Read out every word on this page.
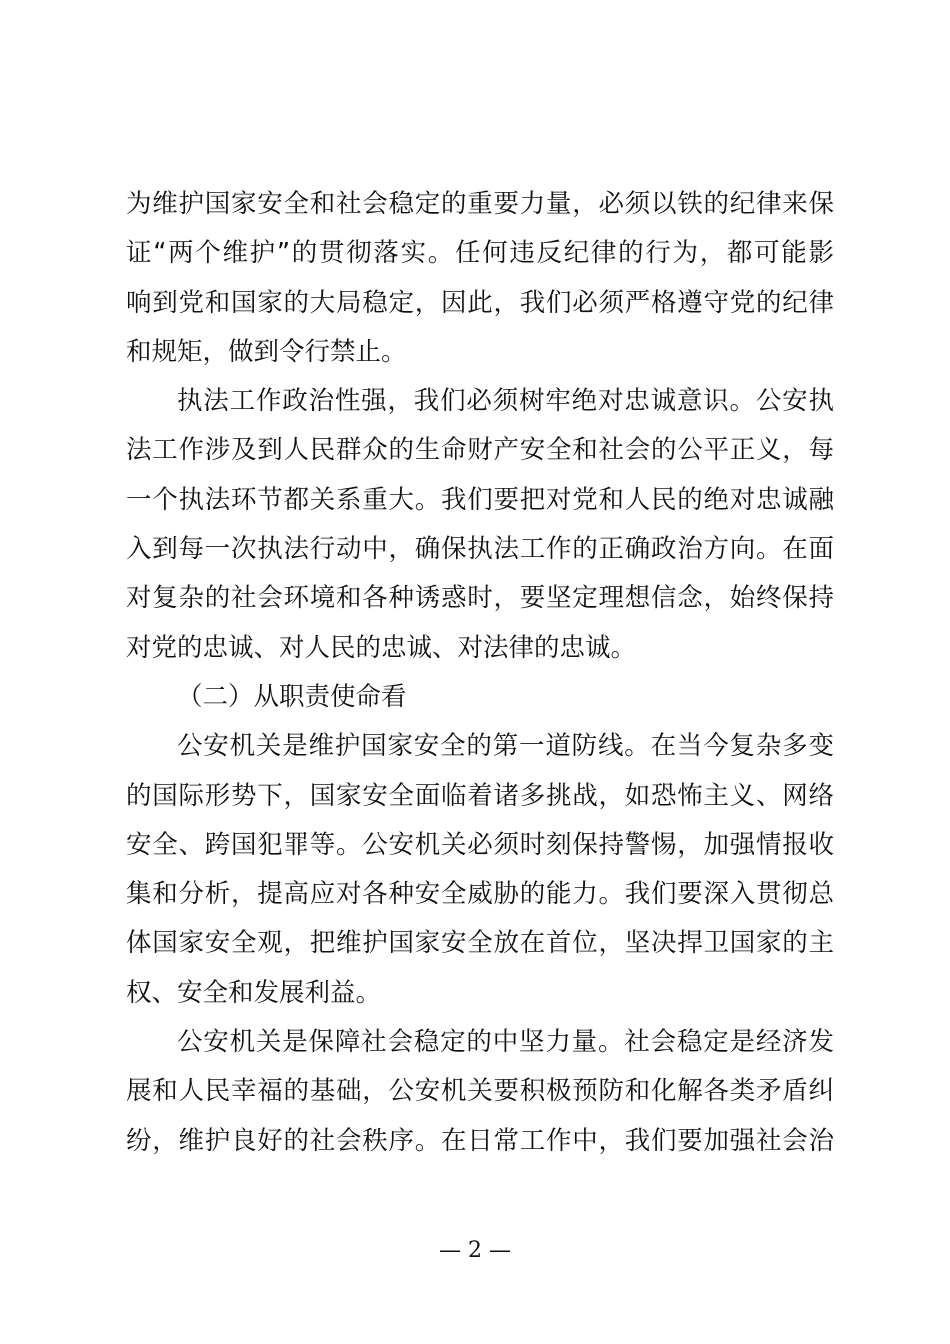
为维护国家安全和社会稳定的重要力量，必须以铁的纪律来保
证“两个维护”的贯彻落实。任何违反纪律的行为，都可能影
响到党和国家的大局稳定，因此，我们必须严格遵守党的纪律
和规矩，做到令行禁止。
执法工作政治性强，我们必须树牢绝对忠诚意识。公安执
法工作涉及到人民群众的生命财产安全和社会的公平正义，每
一个执法环节都关系重大。我们要把对党和人民的绝对忠诚融
入到每一次执法行动中，确保执法工作的正确政治方向。在面
对复杂的社会环境和各种诱惑时，要坚定理想信念，始终保持
对党的忠诚、对人民的忠诚、对法律的忠诚。
（二）从职责使命看
公安机关是维护国家安全的第一道防线。在当今复杂多变
的国际形势下，国家安全面临着诸多挑战，如恐怖主义、网络
安全、跨国犯罪等。公安机关必须时刻保持警惕，加强情报收
集和分析，提高应对各种安全威胁的能力。我们要深入贯彻总
体国家安全观，把维护国家安全放在首位，坚决捍卫国家的主
权、安全和发展利益。
公安机关是保障社会稳定的中坚力量。社会稳定是经济发
展和人民幸福的基础，公安机关要积极预防和化解各类矛盾纠
纷，维护良好的社会秩序。在日常工作中，我们要加强社会治
— 2 —
